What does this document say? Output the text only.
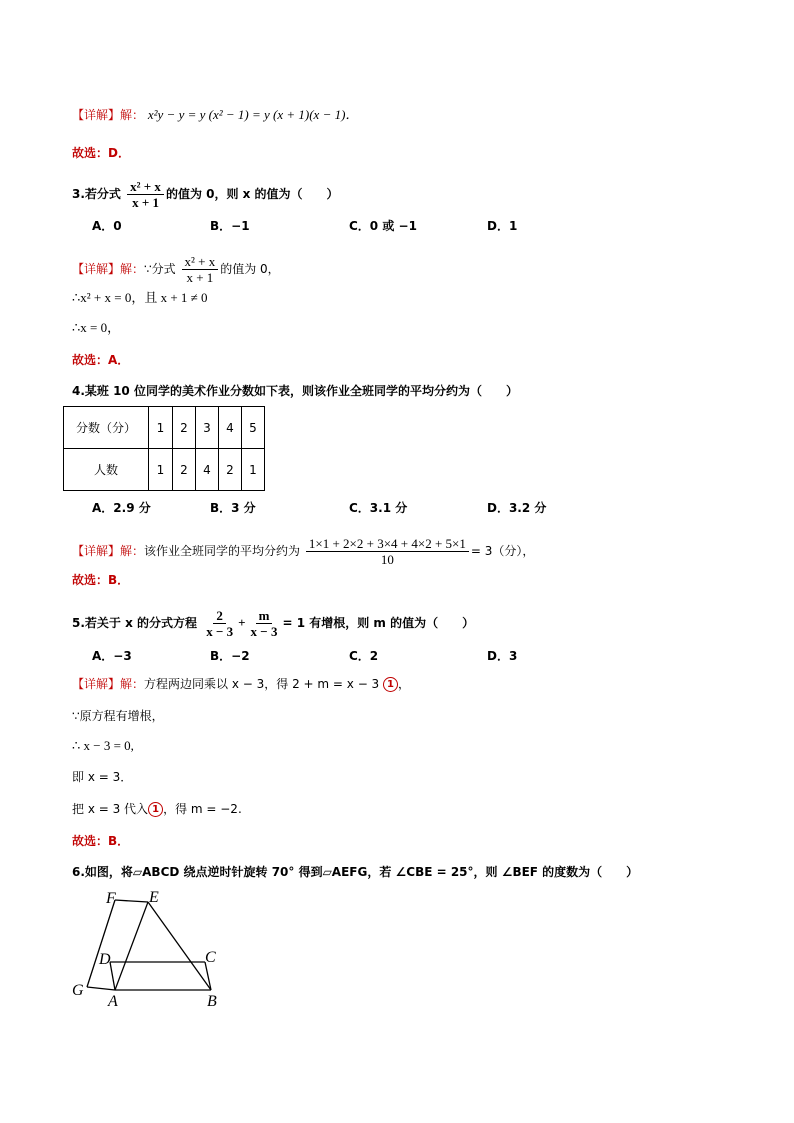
【详解】解： x²y − y = y (x² − 1) = y (x + 1)(x − 1)．
故选：D．
3.若分式 $\frac{\text{x² + x}}{x + 1}$ 的值为 0，则 x 的值为（　　）
A．0	B．−1	C．0 或 −1	D．1
【详解】解：∵分式 $\frac{\text{x² + x}}{x + 1}$ 的值为 0，
∴x² + x = 0，且 x + 1 ≠ 0
∴x = 0，
故选：A．
4.某班 10 位同学的美术作业分数如下表，则该作业全班同学的平均分约为（　　）
分数（分）	1	2	3	4	5
人数	1	2	4	2	1
A．2.9 分	B．3 分	C．3.1 分	D．3.2 分
【详解】解：该作业全班同学的平均分约为 $\frac{1\times 1 + 2\times 2 + 3\times 4 + 4\times 2 + 5\times 1}{10} = 3$（分），
故选：B．
5.若关于 x 的分式方程 $\frac{2}{x - 3} + \frac{m}{x - 3} = 1$ 有增根，则 m 的值为（　　）
A．−3	B．−2	C．2	D．3
【详解】解：方程两边同乘以 x − 3，得 2 + m = x − 3 1 ，
∵原方程有增根，
∴ x − 3 = 0,
即 x = 3．
把 x = 3 代入 1 ，得 m = −2.
故选：B．
6.如图，将▱ABCD 绕点逆时针旋转 70° 得到▱AEFG，若 ∠CBE = 25°，则 ∠BEF 的度数为（　　）
F E
D	C
G
A	B
